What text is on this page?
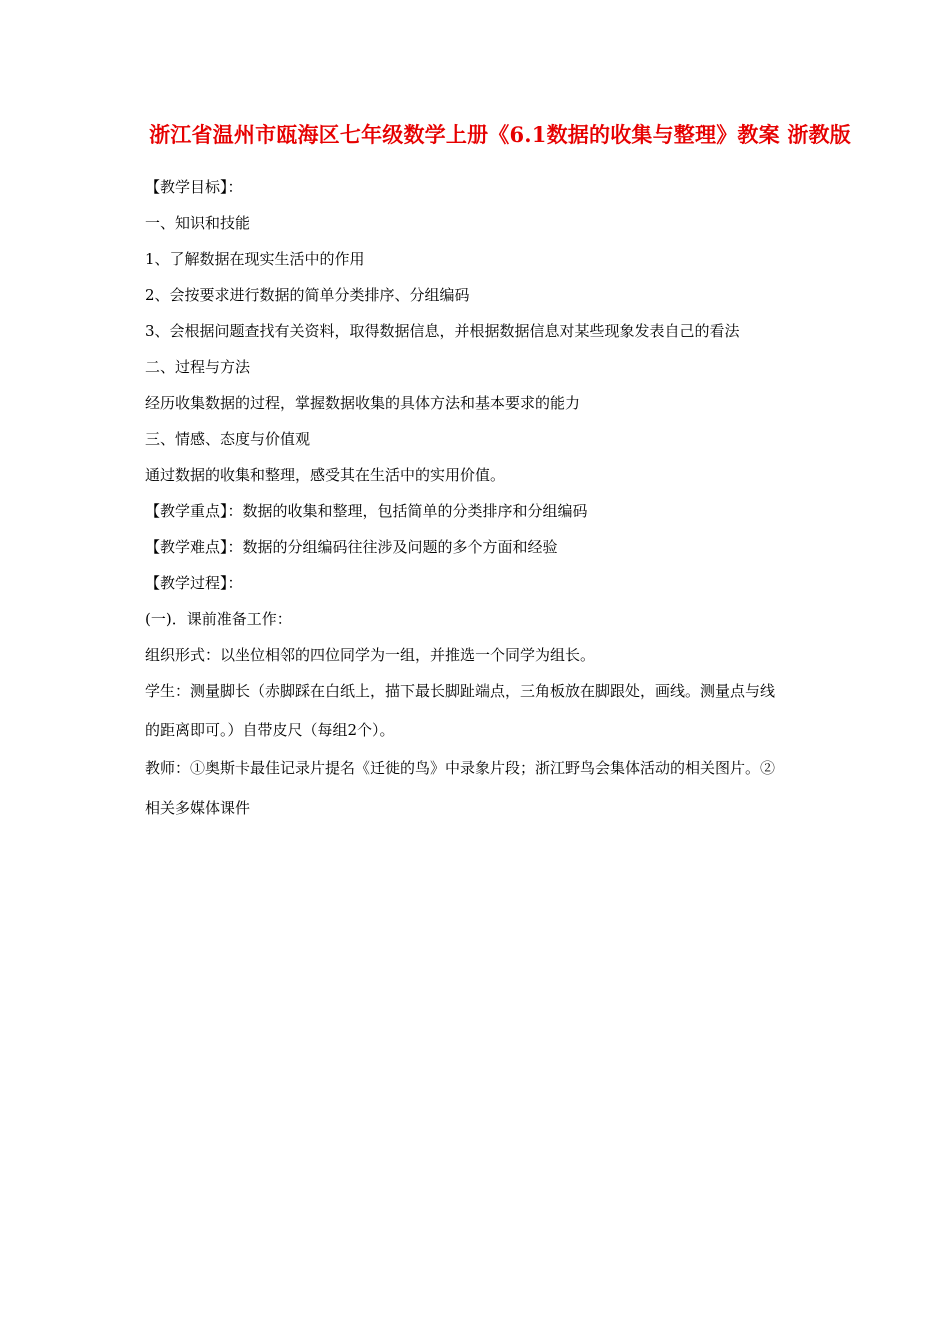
浙江省温州市瓯海区七年级数学上册《6.1数据的收集与整理》教案 浙教版
【教学目标】：
一、知识和技能
1、了解数据在现实生活中的作用
2、会按要求进行数据的简单分类排序、分组编码
3、会根据问题查找有关资料，取得数据信息，并根据数据信息对某些现象发表自己的看法
二、过程与方法
经历收集数据的过程，掌握数据收集的具体方法和基本要求的能力
三、情感、态度与价值观
通过数据的收集和整理，感受其在生活中的实用价值。
【教学重点】：数据的收集和整理，包括简单的分类排序和分组编码
【教学难点】：数据的分组编码往往涉及问题的多个方面和经验
【教学过程】：
(一)．课前准备工作：
组织形式：以坐位相邻的四位同学为一组，并推选一个同学为组长。
学生：测量脚长（赤脚踩在白纸上，描下最长脚趾端点，三角板放在脚跟处，画线。测量点与线
的距离即可。）自带皮尺（每组2个）。
教师：①奥斯卡最佳记录片提名《迁徙的鸟》中录象片段；浙江野鸟会集体活动的相关图片。②
相关多媒体课件
